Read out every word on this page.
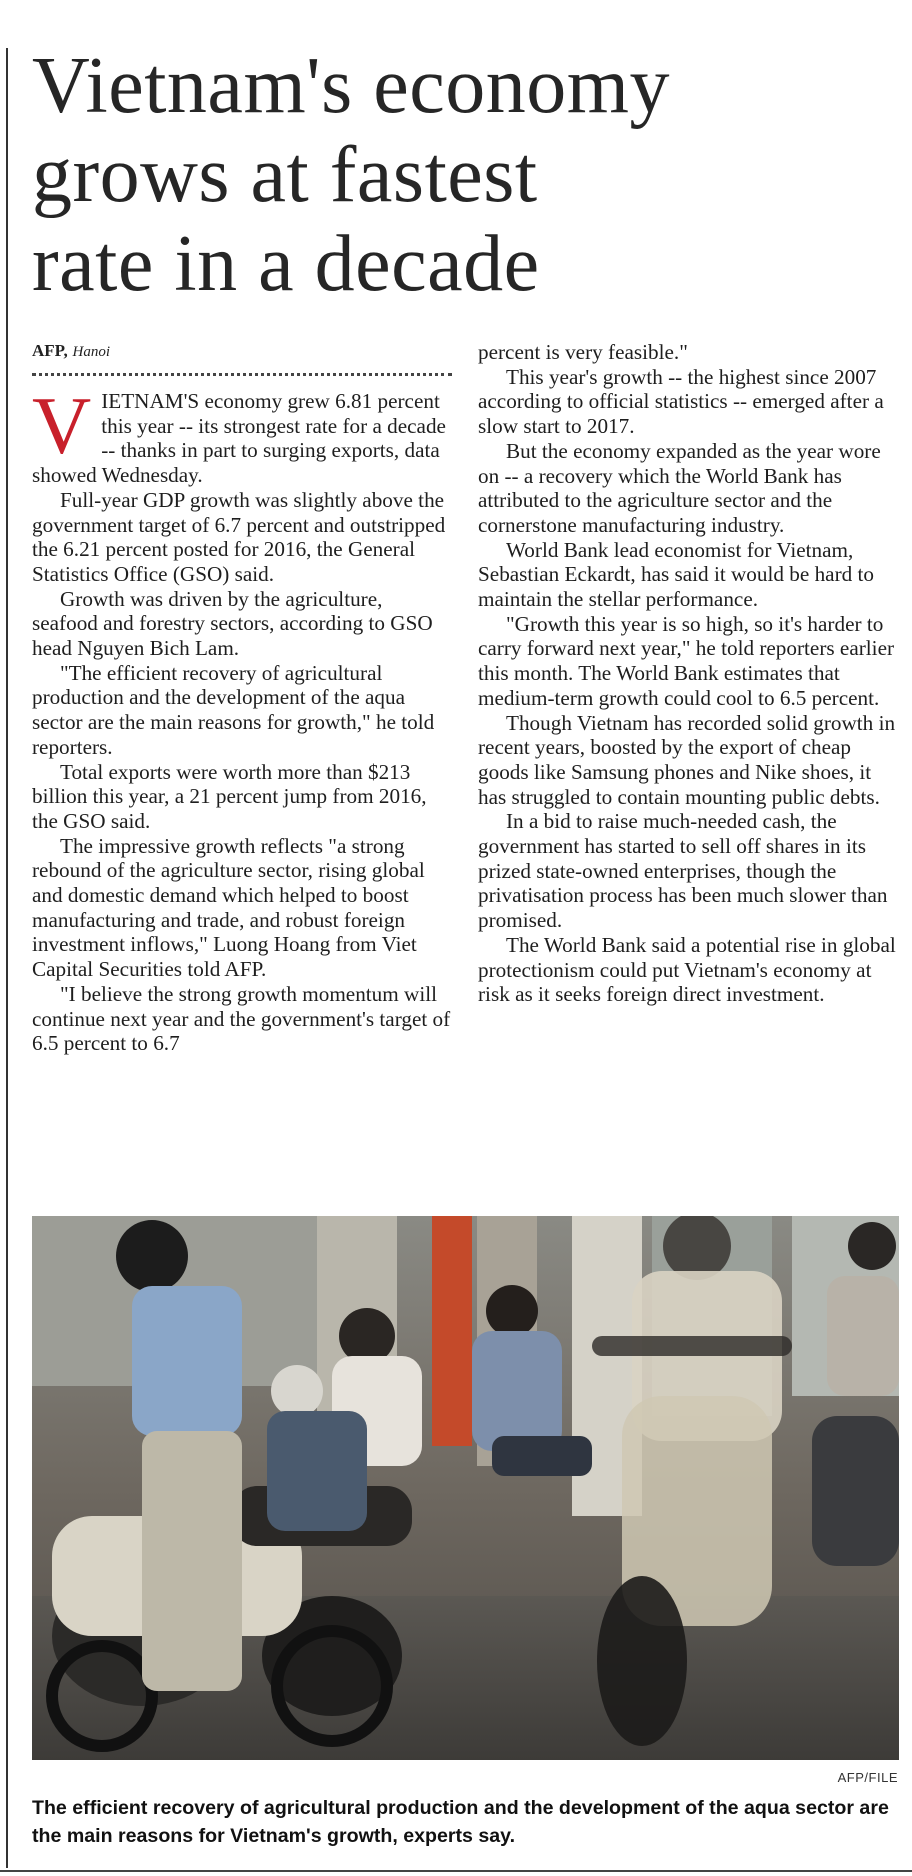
Vietnam's economy
grows at fastest
rate in a decade
AFP, Hanoi

VIETNAM'S economy grew 6.81 percent this year -- its strongest rate for a decade -- thanks in part to surging exports, data showed Wednesday.

Full-year GDP growth was slightly above the government target of 6.7 percent and outstripped the 6.21 percent posted for 2016, the General Statistics Office (GSO) said.

Growth was driven by the agriculture, seafood and forestry sectors, according to GSO head Nguyen Bich Lam.

"The efficient recovery of agricultural production and the development of the aqua sector are the main reasons for growth," he told reporters.

Total exports were worth more than $213 billion this year, a 21 percent jump from 2016, the GSO said.

The impressive growth reflects "a strong rebound of the agriculture sector, rising global and domestic demand which helped to boost manufacturing and trade, and robust foreign investment inflows," Luong Hoang from Viet Capital Securities told AFP.

"I believe the strong growth momentum will continue next year and the government's target of 6.5 percent to 6.7

percent is very feasible."

This year's growth -- the highest since 2007 according to official statistics -- emerged after a slow start to 2017.

But the economy expanded as the year wore on -- a recovery which the World Bank has attributed to the agriculture sector and the cornerstone manufacturing industry.

World Bank lead economist for Vietnam, Sebastian Eckardt, has said it would be hard to maintain the stellar performance.

"Growth this year is so high, so it's harder to carry forward next year," he told reporters earlier this month. The World Bank estimates that medium-term growth could cool to 6.5 percent.

Though Vietnam has recorded solid growth in recent years, boosted by the export of cheap goods like Samsung phones and Nike shoes, it has struggled to contain mounting public debts.

In a bid to raise much-needed cash, the government has started to sell off shares in its prized state-owned enterprises, though the privatisation process has been much slower than promised.

The World Bank said a potential rise in global protectionism could put Vietnam's economy at risk as it seeks foreign direct investment.

AFP/FILE
The efficient recovery of agricultural production and the development of the aqua sector are the main reasons for Vietnam's growth, experts say.
